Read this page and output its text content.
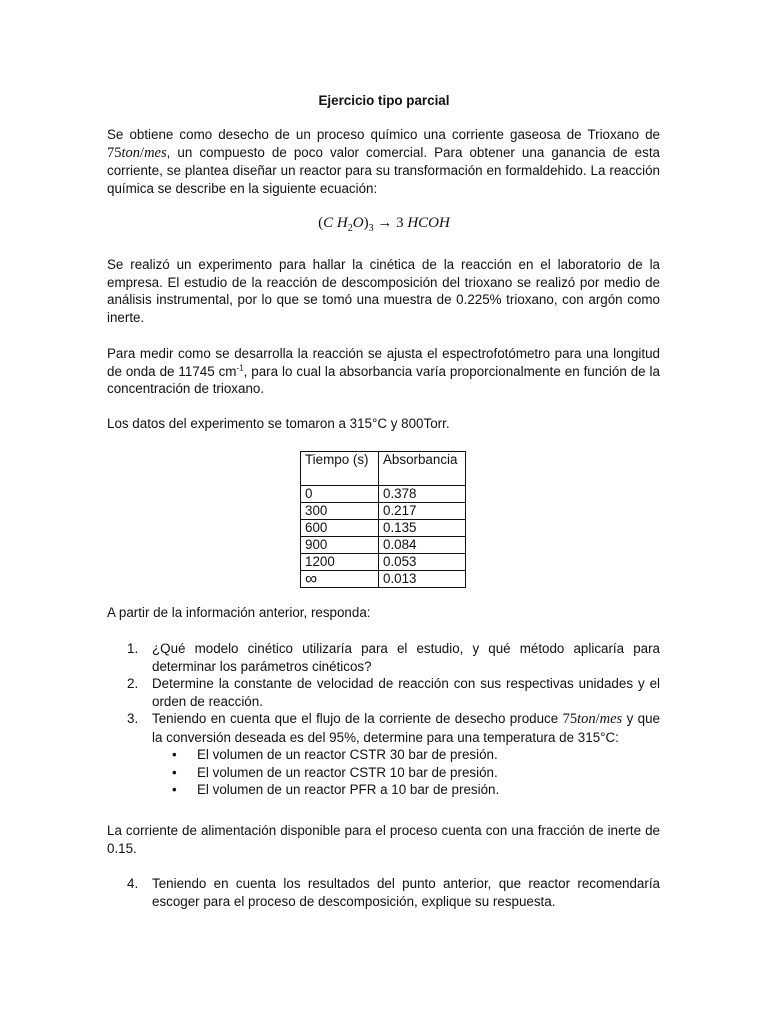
Ejercicio tipo parcial

Se obtiene como desecho de un proceso químico una corriente gaseosa de Trioxano de 75ton/mes, un compuesto de poco valor comercial. Para obtener una ganancia de esta corriente, se plantea diseñar un reactor para su transformación en formaldehido. La reacción química se describe en la siguiente ecuación:

(C $H_2O)_3 \to 3$ HCOH

Se realizó un experimento para hallar la cinética de la reacción en el laboratorio de la empresa. El estudio de la reacción de descomposición del trioxano se realizó por medio de análisis instrumental, por lo que se tomó una muestra de 0.225% trioxano, con argón como inerte.

Para medir como se desarrolla la reacción se ajusta el espectrofotómetro para una longitud de onda de 11745 $cm^{-1}$, para lo cual la absorbancia varía proporcionalmente en función de la concentración de trioxano.

Los datos del experimento se tomaron a 315°C y 800Torr.

Tiempo (s)	Absorbancia
0	0.378
300	0.217
600	0.135
900	0.084
1200	0.053
∞	0.013

A partir de la información anterior, responda:

1. ¿Qué modelo cinético utilizaría para el estudio, y qué método aplicaría para determinar los parámetros cinéticos?
2. Determine la constante de velocidad de reacción con sus respectivas unidades y el orden de reacción.
3. Teniendo en cuenta que el flujo de la corriente de desecho produce 75ton/mes y que la conversión deseada es del 95%, determine para una temperatura de 315°C:
• El volumen de un reactor CSTR 30 bar de presión.
• El volumen de un reactor CSTR 10 bar de presión.
• El volumen de un reactor PFR a 10 bar de presión.

La corriente de alimentación disponible para el proceso cuenta con una fracción de inerte de 0.15.

4. Teniendo en cuenta los resultados del punto anterior, que reactor recomendaría escoger para el proceso de descomposición, explique su respuesta.
